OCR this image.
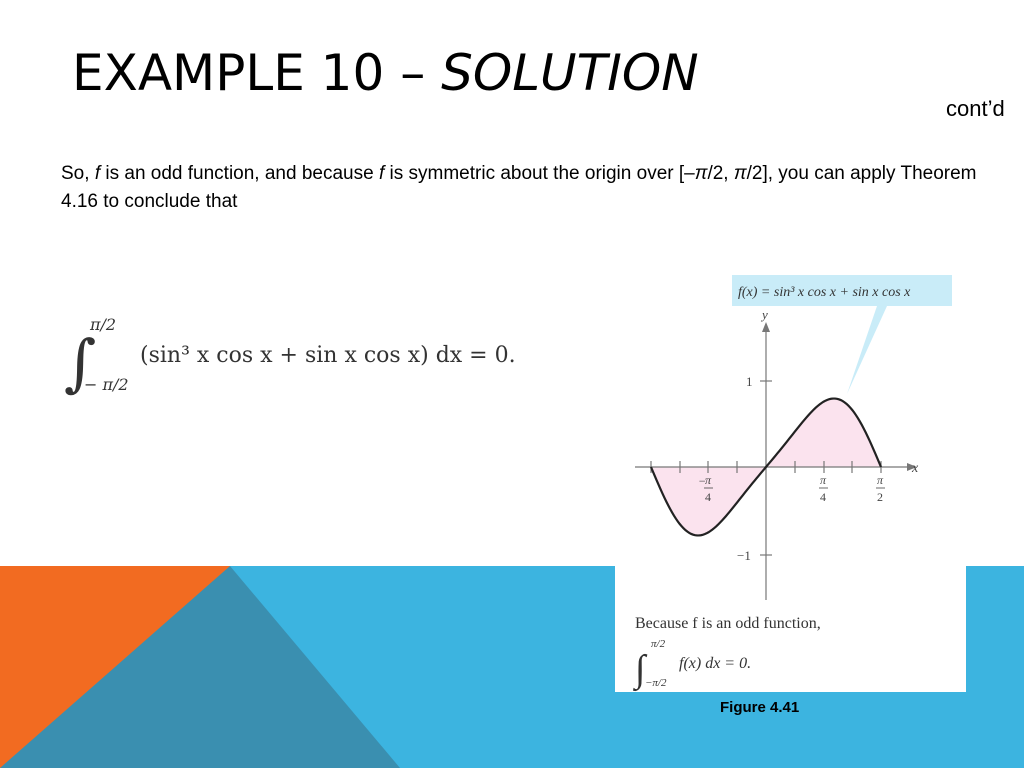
EXAMPLE 10 – SOLUTION
cont’d
So, f is an odd function, and because f is symmetric about the origin over [–π/2, π/2], you can apply Theorem 4.16 to conclude that
∫
π/2
− π/2
(sin³ x cos x + sin x cos x) dx = 0.
f(x) = sin³ x cos x + sin x cos x
x
y
1
−1
−
π
4
π
4
π
2
Because f is an odd function,
∫
π/2
−π/2
f(x) dx = 0.
Figure 4.41
